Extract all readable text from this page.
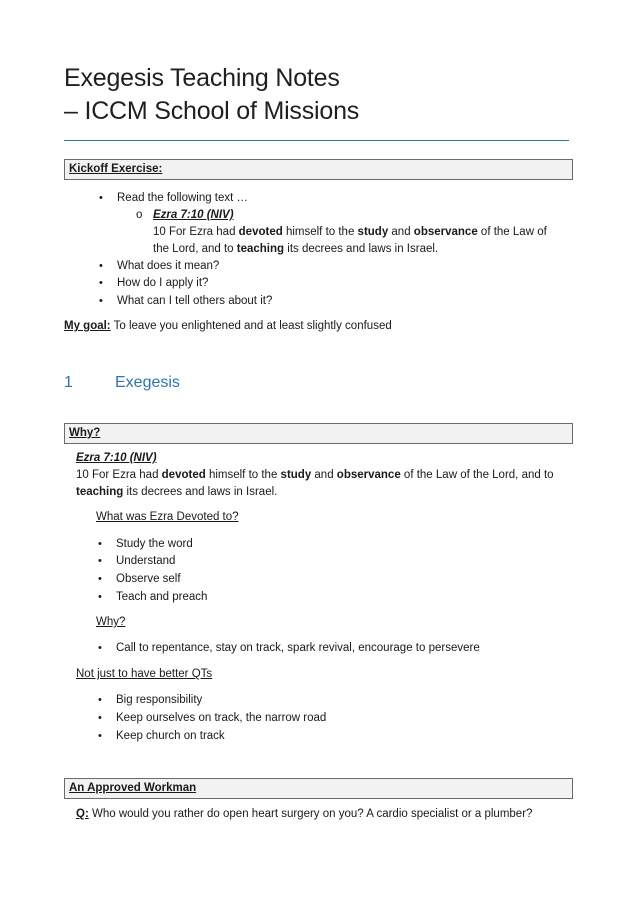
Exegesis Teaching Notes
– ICCM School of Missions
Kickoff Exercise:
• Read the following text …
o Ezra 7:10 (NIV)
10 For Ezra had devoted himself to the study and observance of the Law of
the Lord, and to teaching its decrees and laws in Israel.
• What does it mean?
• How do I apply it?
• What can I tell others about it?
My goal: To leave you enlightened and at least slightly confused
1	Exegesis
Why?
Ezra 7:10 (NIV)
10 For Ezra had devoted himself to the study and observance of the Law of the Lord, and to
teaching its decrees and laws in Israel.
What was Ezra Devoted to?
• Study the word
• Understand
• Observe self
• Teach and preach
Why?
• Call to repentance, stay on track, spark revival, encourage to persevere
Not just to have better QTs
• Big responsibility
• Keep ourselves on track, the narrow road
• Keep church on track
An Approved Workman
Q: Who would you rather do open heart surgery on you? A cardio specialist or a plumber?
